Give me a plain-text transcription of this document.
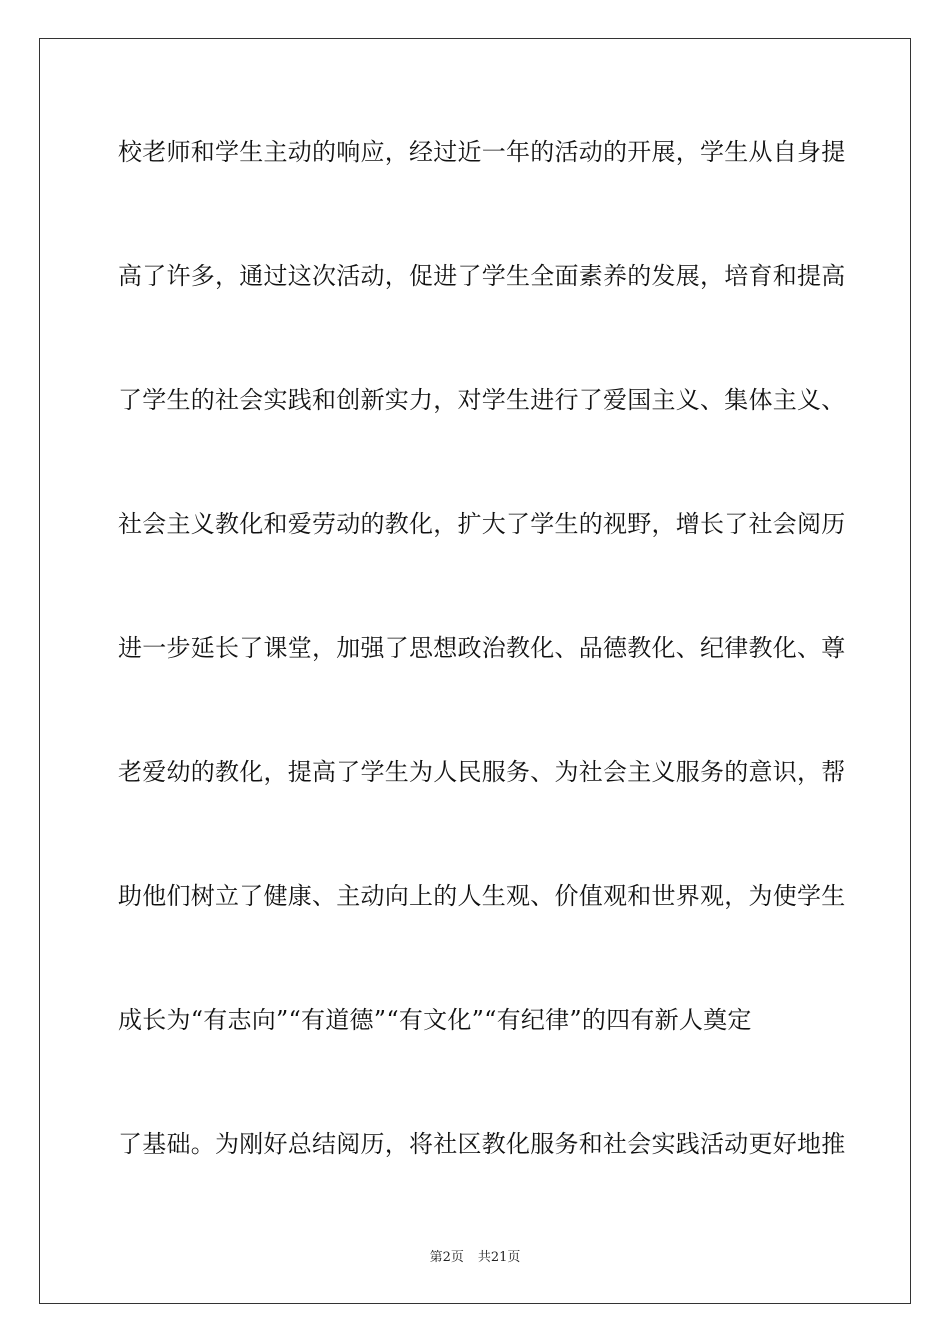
校老师和学生主动的响应，经过近一年的活动的开展，学生从自身提
高了许多，通过这次活动，促进了学生全面素养的发展，培育和提高
了学生的社会实践和创新实力，对学生进行了爱国主义、集体主义、
社会主义教化和爱劳动的教化，扩大了学生的视野，增长了社会阅历
进一步延长了课堂，加强了思想政治教化、品德教化、纪律教化、尊
老爱幼的教化，提高了学生为人民服务、为社会主义服务的意识，帮
助他们树立了健康、主动向上的人生观、价值观和世界观，为使学生
成长为“有志向”“有道德”“有文化”“有纪律”的四有新人奠定
了基础。为刚好总结阅历，将社区教化服务和社会实践活动更好地推
第2页 共21页
